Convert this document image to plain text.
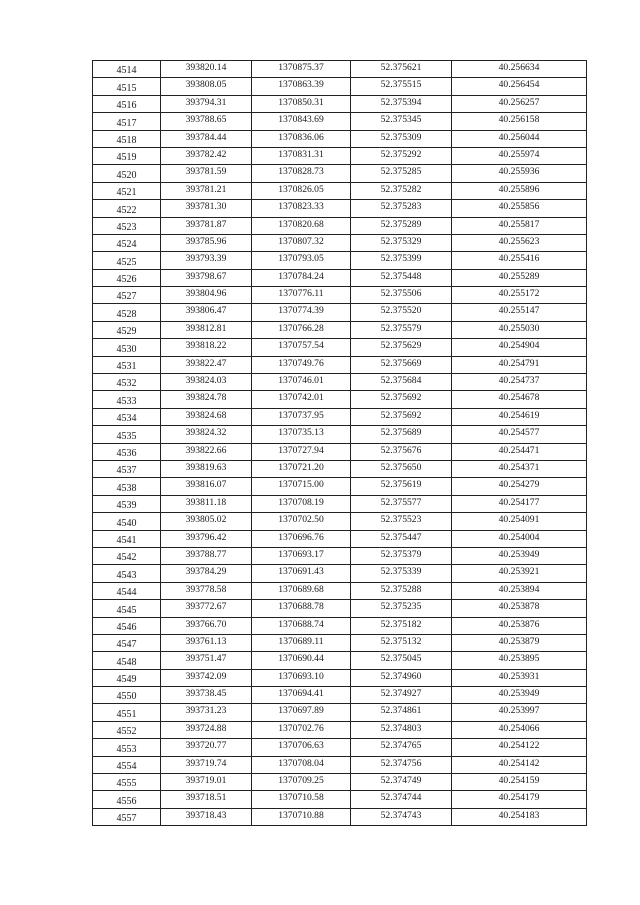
4514	393820.14	1370875.37	52.375621	40.256634
4515	393808.05	1370863.39	52.375515	40.256454
4516	393794.31	1370850.31	52.375394	40.256257
4517	393788.65	1370843.69	52.375345	40.256158
4518	393784.44	1370836.06	52.375309	40.256044
4519	393782.42	1370831.31	52.375292	40.255974
4520	393781.59	1370828.73	52.375285	40.255936
4521	393781.21	1370826.05	52.375282	40.255896
4522	393781.30	1370823.33	52.375283	40.255856
4523	393781.87	1370820.68	52.375289	40.255817
4524	393785.96	1370807.32	52.375329	40.255623
4525	393793.39	1370793.05	52.375399	40.255416
4526	393798.67	1370784.24	52.375448	40.255289
4527	393804.96	1370776.11	52.375506	40.255172
4528	393806.47	1370774.39	52.375520	40.255147
4529	393812.81	1370766.28	52.375579	40.255030
4530	393818.22	1370757.54	52.375629	40.254904
4531	393822.47	1370749.76	52.375669	40.254791
4532	393824.03	1370746.01	52.375684	40.254737
4533	393824.78	1370742.01	52.375692	40.254678
4534	393824.68	1370737.95	52.375692	40.254619
4535	393824.32	1370735.13	52.375689	40.254577
4536	393822.66	1370727.94	52.375676	40.254471
4537	393819.63	1370721.20	52.375650	40.254371
4538	393816.07	1370715.00	52.375619	40.254279
4539	393811.18	1370708.19	52.375577	40.254177
4540	393805.02	1370702.50	52.375523	40.254091
4541	393796.42	1370696.76	52.375447	40.254004
4542	393788.77	1370693.17	52.375379	40.253949
4543	393784.29	1370691.43	52.375339	40.253921
4544	393778.58	1370689.68	52.375288	40.253894
4545	393772.67	1370688.78	52.375235	40.253878
4546	393766.70	1370688.74	52.375182	40.253876
4547	393761.13	1370689.11	52.375132	40.253879
4548	393751.47	1370690.44	52.375045	40.253895
4549	393742.09	1370693.10	52.374960	40.253931
4550	393738.45	1370694.41	52.374927	40.253949
4551	393731.23	1370697.89	52.374861	40.253997
4552	393724.88	1370702.76	52.374803	40.254066
4553	393720.77	1370706.63	52.374765	40.254122
4554	393719.74	1370708.04	52.374756	40.254142
4555	393719.01	1370709.25	52.374749	40.254159
4556	393718.51	1370710.58	52.374744	40.254179
4557	393718.43	1370710.88	52.374743	40.254183
